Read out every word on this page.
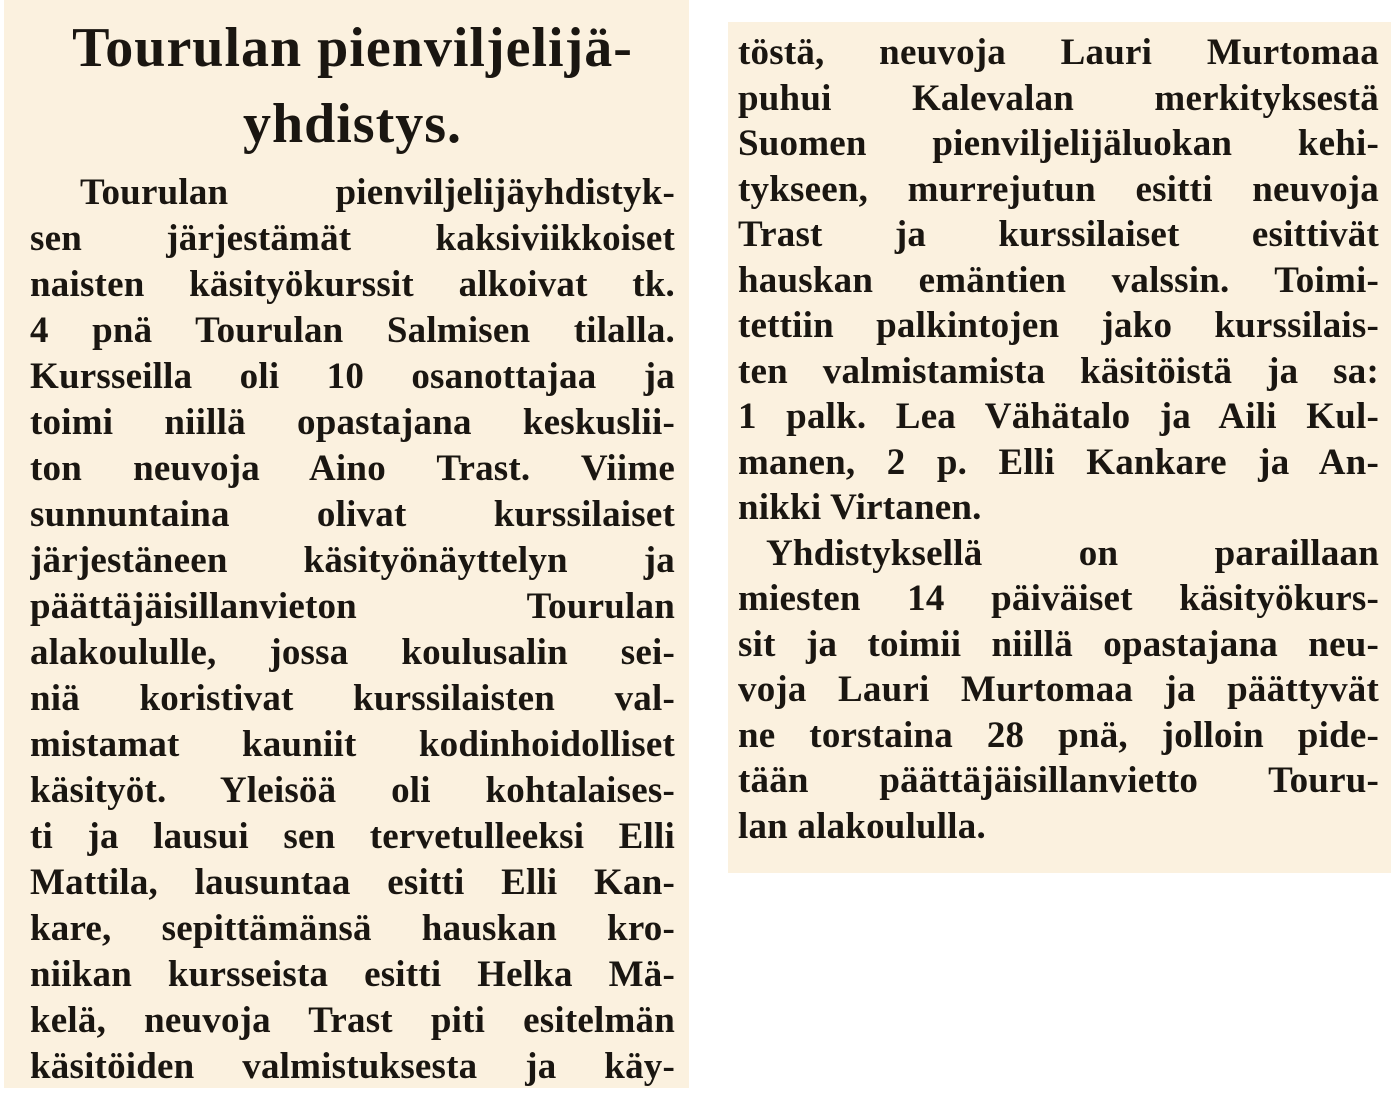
Tourulan pienviljelijä-
yhdistys.
Tourulan pienviljelijäyhdistyk-
sen järjestämät kaksiviikkoiset
naisten käsityökurssit alkoivat tk.
4 pnä Tourulan Salmisen tilalla.
Kursseilla oli 10 osanottajaa ja
toimi niillä opastajana keskuslii-
ton neuvoja Aino Trast. Viime
sunnuntaina olivat kurssilaiset
järjestäneen käsityönäyttelyn ja
päättäjäisillanvieton Tourulan
alakoululle, jossa koulusalin sei-
niä koristivat kurssilaisten val-
mistamat kauniit kodinhoidolliset
käsityöt. Yleisöä oli kohtalaises-
ti ja lausui sen tervetulleeksi Elli
Mattila, lausuntaa esitti Elli Kan-
kare, sepittämänsä hauskan kro-
niikan kursseista esitti Helka Mä-
kelä, neuvoja Trast piti esitelmän
käsitöiden valmistuksesta ja käy-
töstä, neuvoja Lauri Murtomaa
puhui Kalevalan merkityksestä
Suomen pienviljelijäluokan kehi-
tykseen, murrejutun esitti neuvoja
Trast ja kurssilaiset esittivät
hauskan emäntien valssin. Toimi-
tettiin palkintojen jako kurssilais-
ten valmistamista käsitöistä ja sa:
1 palk. Lea Vähätalo ja Aili Kul-
manen, 2 p. Elli Kankare ja An-
nikki Virtanen.
Yhdistyksellä on paraillaan
miesten 14 päiväiset käsityökurs-
sit ja toimii niillä opastajana neu-
voja Lauri Murtomaa ja päättyvät
ne torstaina 28 pnä, jolloin pide-
tään päättäjäisillanvietto Touru-
lan alakoululla.
